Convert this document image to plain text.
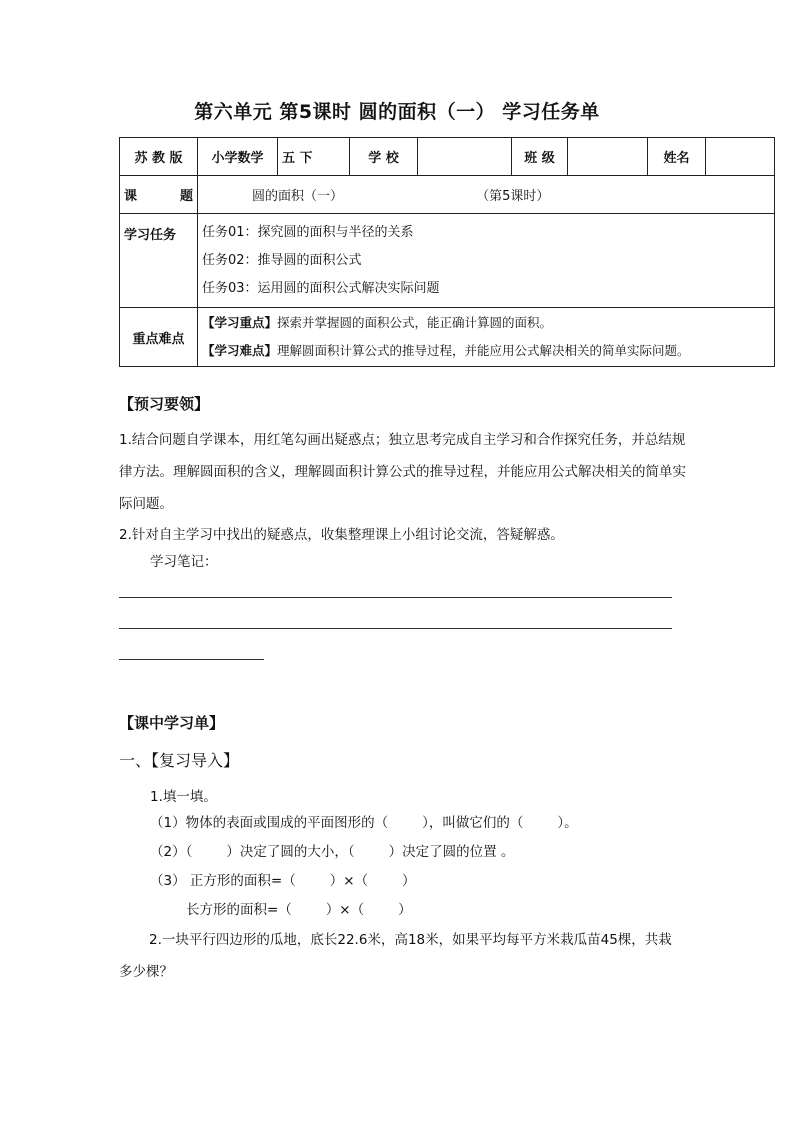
第六单元 第5课时 圆的面积（一） 学习任务单
苏 教 版	小学数学	五 下	学 校		班 级		姓名	
课 题	圆的面积（一） （第5课时）							
学习任务	任务01：探究圆的面积与半径的关系
任务02：推导圆的面积公式
任务03：运用圆的面积公式解决实际问题							

重点难点	【学习重点】探索并掌握圆的面积公式，能正确计算圆的面积。
【学习难点】理解圆面积计算公式的推导过程，并能应用公式解决相关的简单实际问题。							
【预习要领】
1.结合问题自学课本，用红笔勾画出疑惑点；独立思考完成自主学习和合作探究任务，并总结规律方法。理解圆面积的含义，理解圆面积计算公式的推导过程，并能应用公式解决相关的简单实际问题。
2.针对自主学习中找出的疑惑点，收集整理课上小组讨论交流，答疑解惑。
学习笔记：
【课中学习单】
一、【复习导入】
1.填一填。
（1）物体的表面或围成的平面图形的（	），叫做它们的（	）。
（2）（	）决定了圆的大小，（	）决定了圆的位置 。
（3） 正方形的面积=（	）×（	）
长方形的面积=（	）×（	）
2.一块平行四边形的瓜地，底长22.6米，高18米，如果平均每平方米栽瓜苗45棵，共栽多少棵？
